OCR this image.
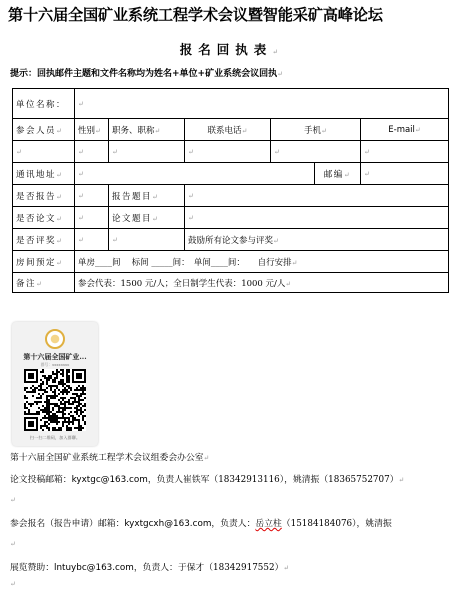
第十六届全国矿业系统工程学术会议暨智能采矿高峰论坛
报名回执表↵
提示：回执邮件主题和文件名称均为姓名+单位+矿业系统会议回执↵
单位名称：	↵					
参会人员↵	性别↵	职务、职称↵	联系电话↵	手机↵		E-mail↵
↵	↵	↵	↵	↵		↵
通讯地址↵	↵				邮编↵	↵
是否报告↵	↵	报告题目↵	↵			
是否论文↵	↵	论文题目↵	↵			
是否评奖↵	↵	↵	鼓励所有论文参与评奖↵			
房间预定↵	单房____间　 标间 _____间：　单间____间：　　自行安排↵					
备注↵	参会代表：1500 元/人；全日制学生代表：1000 元/人↵					
第十六届全国矿业...
群号：xxxxxxxx
扫一扫二维码，加入群聊。
第十六届全国矿业系统工程学术会议组委会办公室↵
论文投稿邮箱：kyxtgc@163.com，负责人崔铁军（18342913116），姚清振（18365752707）↵
↵
参会报名（报告申请）邮箱：kyxtgcxh@163.com，负责人：岳立柱（15184184076），姚清振
↵
展览赞助：lntuybc@163.com，负责人：于保才（18342917552）↵
↵
